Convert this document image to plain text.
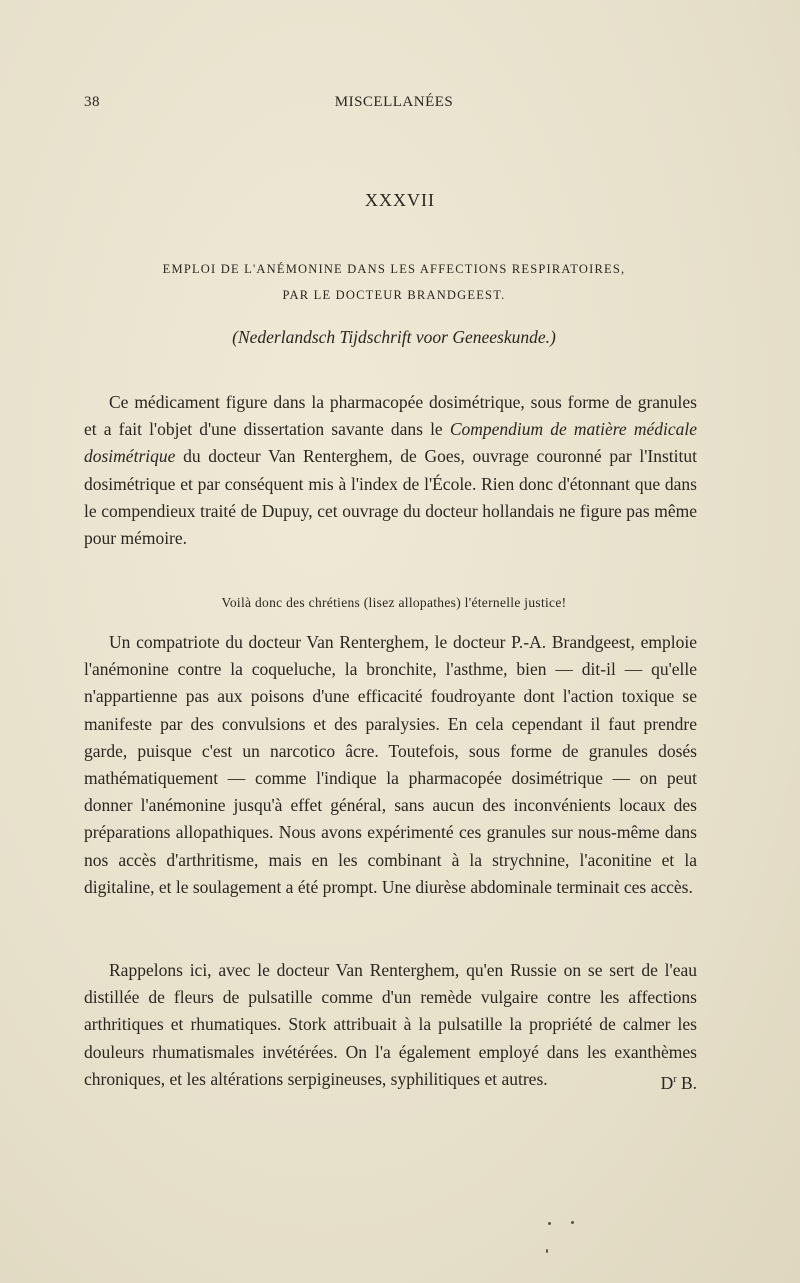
38	MISCELLANÉES
XXXVII
EMPLOI DE L'ANÉMONINE DANS LES AFFECTIONS RESPIRATOIRES,
PAR LE DOCTEUR BRANDGEEST.
(Nederlandsch Tijdschrift voor Geneeskunde.)

Ce médicament figure dans la pharmacopée dosimétrique, sous forme de granules et a fait l'objet d'une dissertation savante dans le Compendium de matière médicale dosimétrique du docteur Van Renterghem, de Goes, ouvrage couronné par l'Institut dosimétrique et par conséquent mis à l'index de l'École. Rien donc d'étonnant que dans le compendieux traité de Dupuy, cet ouvrage du docteur hollandais ne figure pas même pour mémoire.

Voilà donc des chrétiens (lisez allopathes) l'éternelle justice!

Un compatriote du docteur Van Renterghem, le docteur P.-A. Brandgeest, emploie l'anémonine contre la coqueluche, la bronchite, l'asthme, bien — dit-il — qu'elle n'appartienne pas aux poisons d'une efficacité foudroyante dont l'action toxique se manifeste par des convulsions et des paralysies. En cela cependant il faut prendre garde, puisque c'est un narcotico âcre. Toutefois, sous forme de granules dosés mathématiquement — comme l'indique la pharmacopée dosimétrique — on peut donner l'anémonine jusqu'à effet général, sans aucun des inconvénients locaux des préparations allopathiques. Nous avons expérimenté ces granules sur nous-même dans nos accès d'arthritisme, mais en les combinant à la strychnine, l'aconitine et la digitaline, et le soulagement a été prompt. Une diurèse abdominale terminait ces accès.

Rappelons ici, avec le docteur Van Renterghem, qu'en Russie on se sert de l'eau distillée de fleurs de pulsatille comme d'un remède vulgaire contre les affections arthritiques et rhumatiques. Stork attribuait à la pulsatille la propriété de calmer les douleurs rhumatismales invétérées. On l'a également employé dans les exanthèmes chroniques, et les altérations serpigineuses, syphilitiques et autres.	$D^r$ B.
